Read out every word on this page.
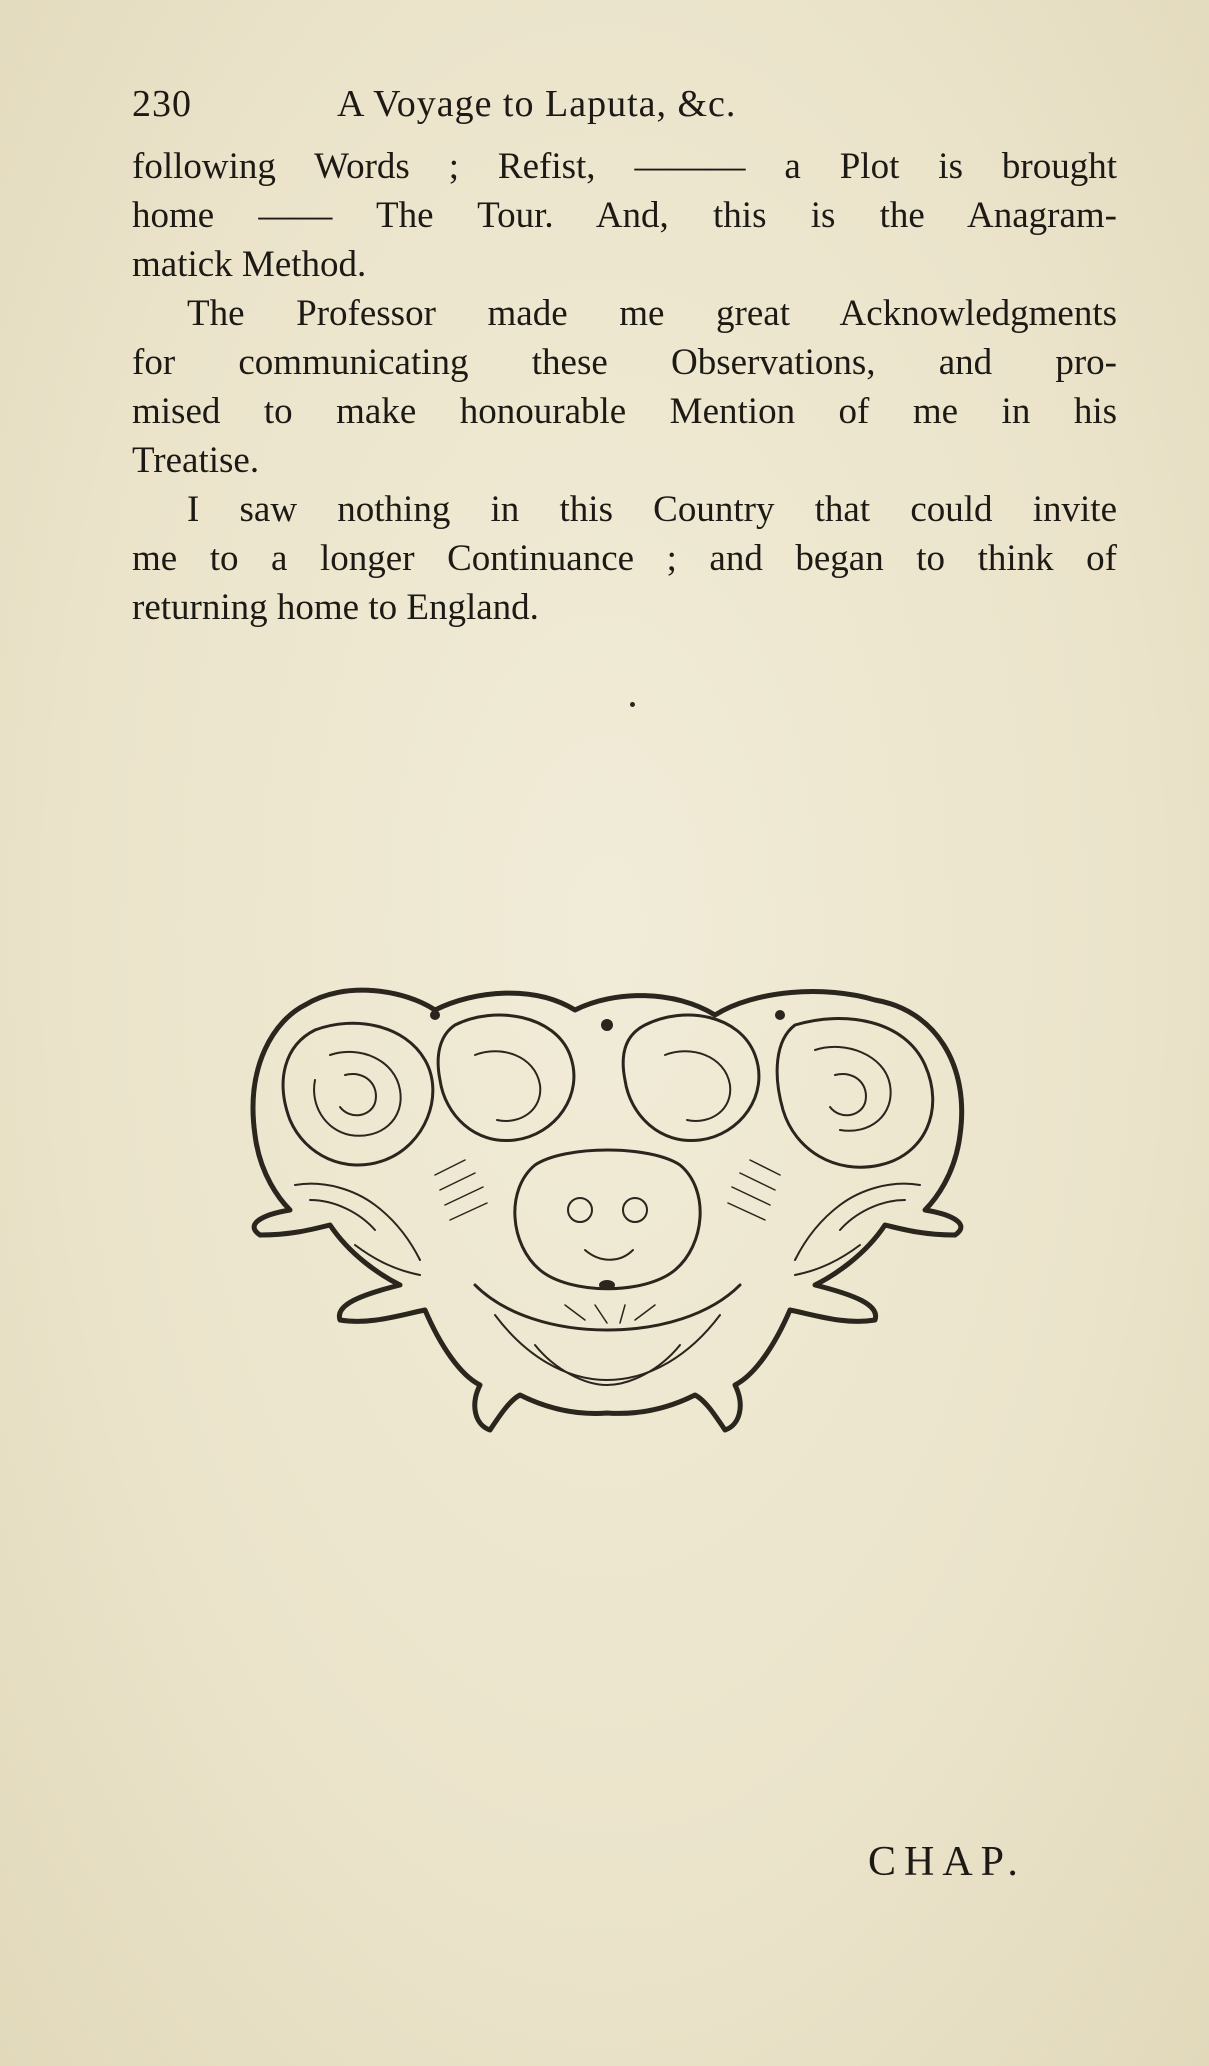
230	A Voyage to Laputa, &c.
following Words ; Refist, ——— a Plot is brought
home —— The Tour. And, this is the Anagram-
matick Method.
The Professor made me great Acknowledgments
for communicating these Observations, and pro-
mised to make honourable Mention of me in his
Treatise.
I saw nothing in this Country that could invite
me to a longer Continuance ; and began to think of
returning home to England.
CHAP.
